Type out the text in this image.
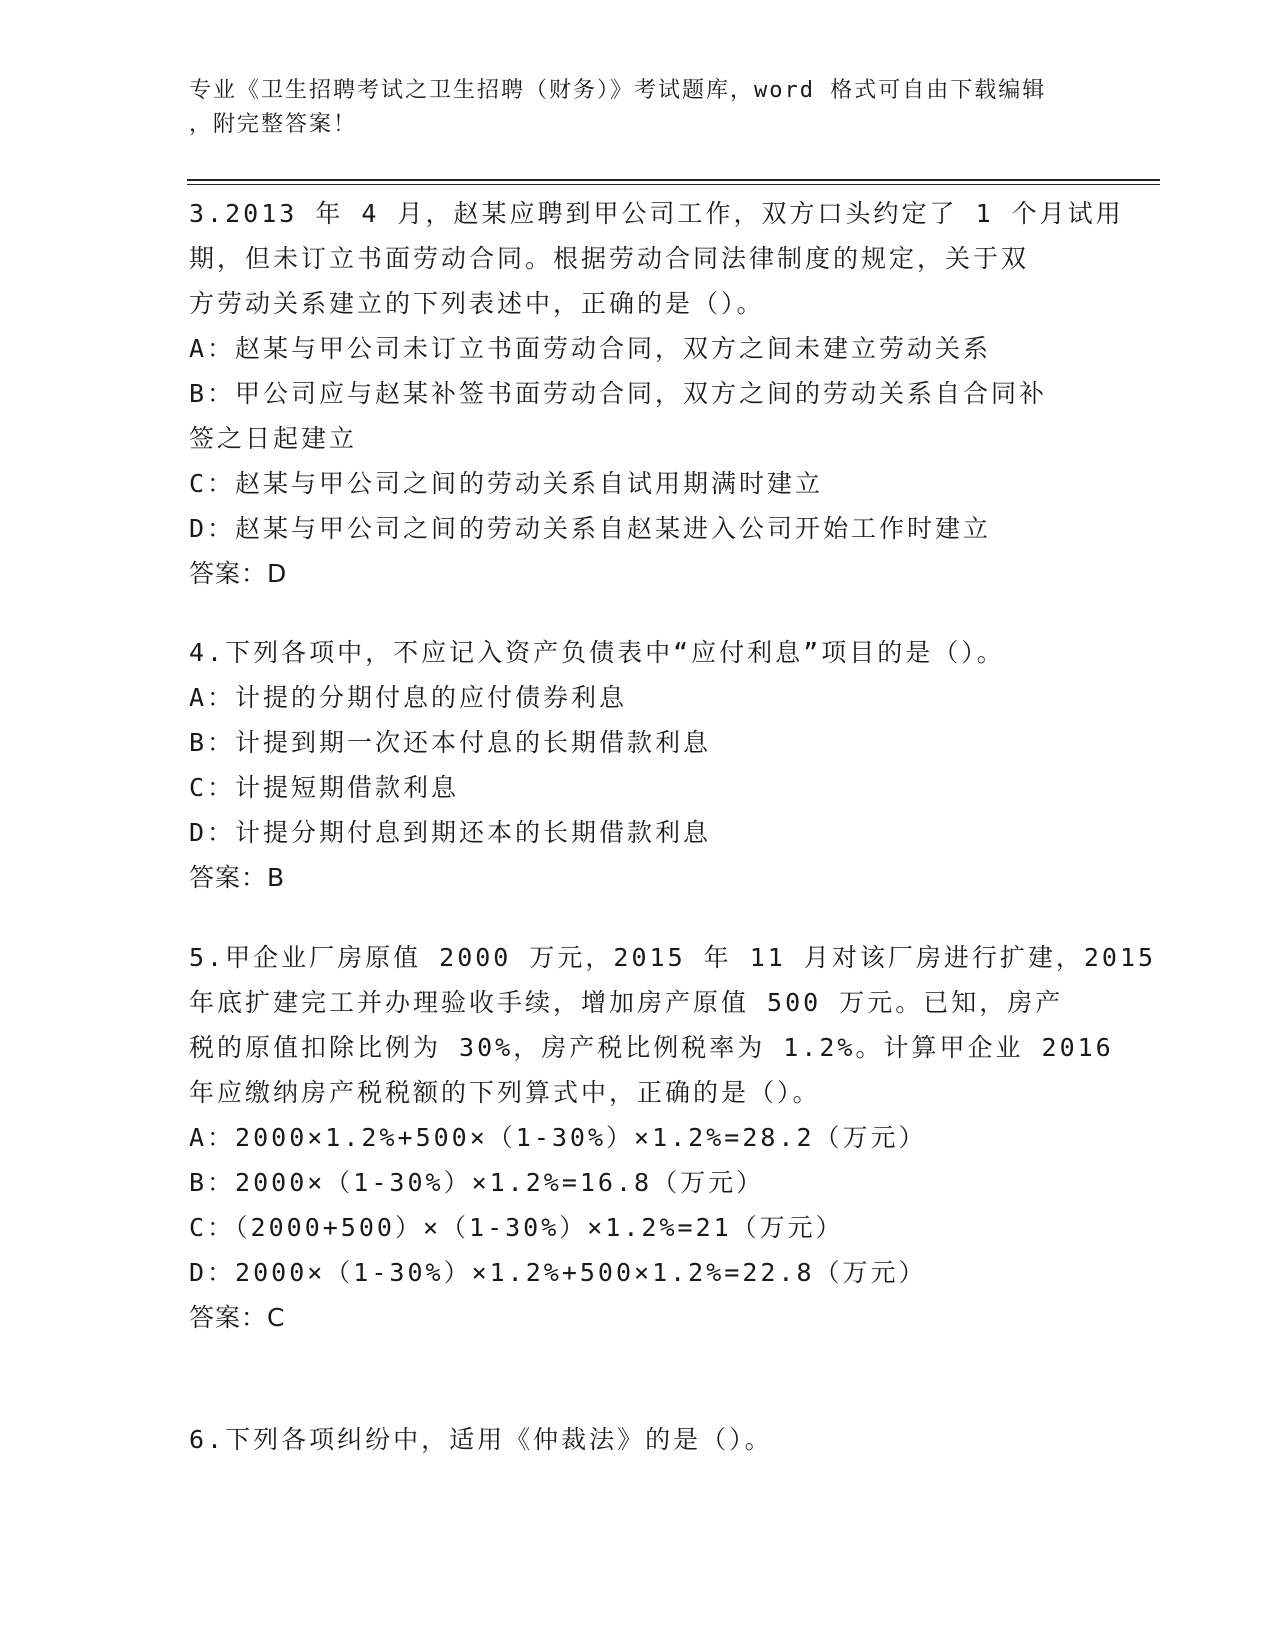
专业《卫生招聘考试之卫生招聘（财务）》考试题库，word 格式可自由下载编辑
，附完整答案！
3.2013 年 4 月，赵某应聘到甲公司工作，双方口头约定了 1 个月试用
期，但未订立书面劳动合同。根据劳动合同法律制度的规定，关于双
方劳动关系建立的下列表述中，正确的是（）。
A：赵某与甲公司未订立书面劳动合同，双方之间未建立劳动关系
B：甲公司应与赵某补签书面劳动合同，双方之间的劳动关系自合同补
签之日起建立
C：赵某与甲公司之间的劳动关系自试用期满时建立
D：赵某与甲公司之间的劳动关系自赵某进入公司开始工作时建立
答案：D
4.下列各项中，不应记入资产负债表中“应付利息”项目的是（）。
A：计提的分期付息的应付债券利息
B：计提到期一次还本付息的长期借款利息
C：计提短期借款利息
D：计提分期付息到期还本的长期借款利息
答案：B
5.甲企业厂房原值 2000 万元，2015 年 11 月对该厂房进行扩建，2015
年底扩建完工并办理验收手续，增加房产原值 500 万元。已知，房产
税的原值扣除比例为 30%，房产税比例税率为 1.2%。计算甲企业 2016
年应缴纳房产税税额的下列算式中，正确的是（）。
A：2000×1.2%+500×（1-30%）×1.2%=28.2（万元）
B：2000×（1-30%）×1.2%=16.8（万元）
C：（2000+500）×（1-30%）×1.2%=21（万元）
D：2000×（1-30%）×1.2%+500×1.2%=22.8（万元）
答案：C
6.下列各项纠纷中，适用《仲裁法》的是（）。
